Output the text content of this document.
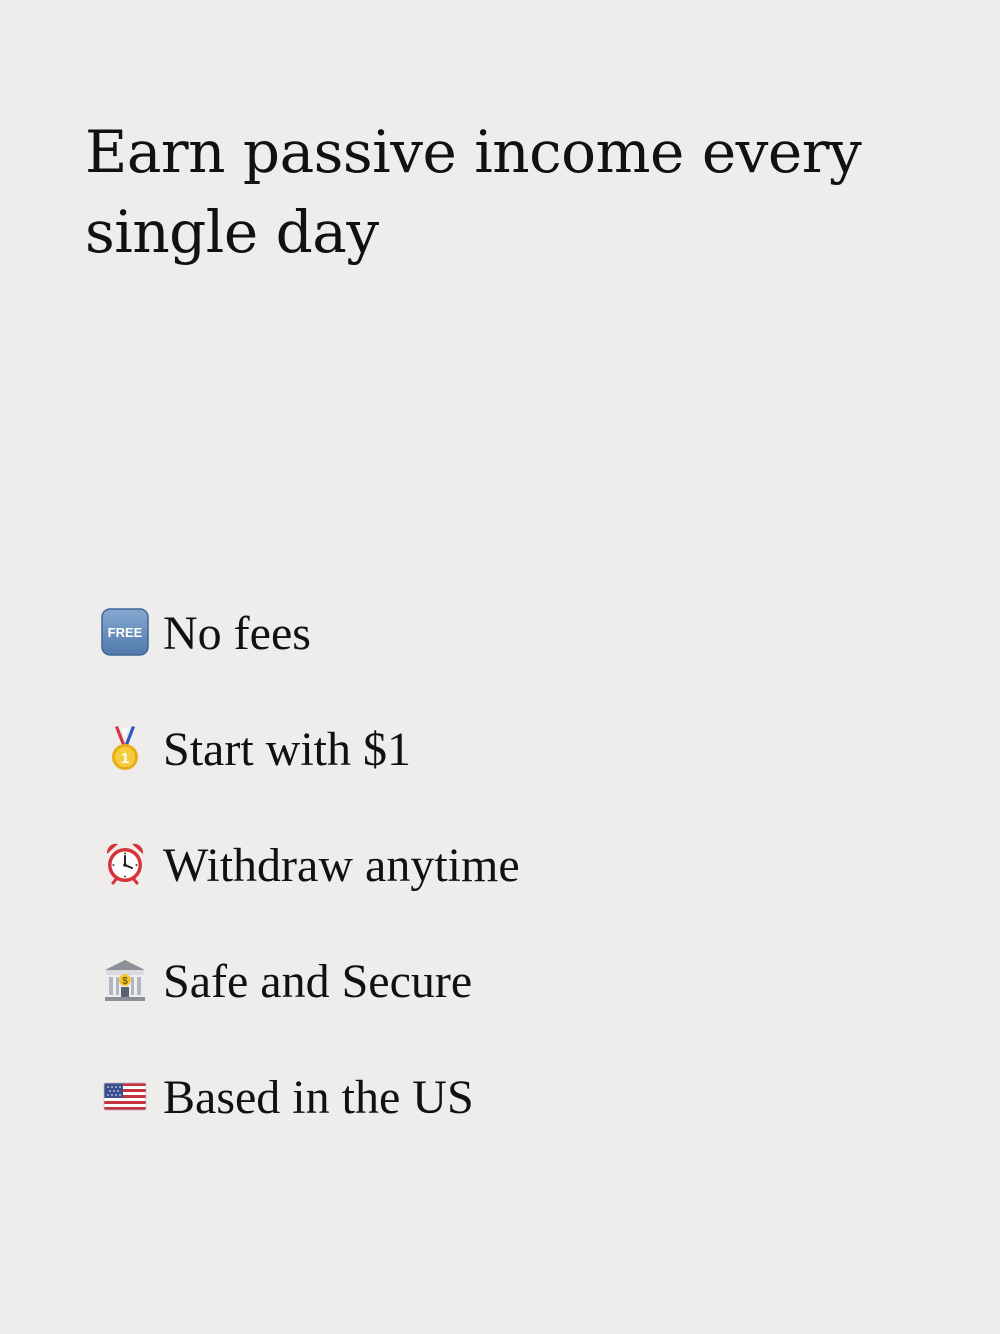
Earn passive income every single day
FREE No fees
1 Start with $1
Withdraw anytime
$ Safe and Secure
Based in the US
